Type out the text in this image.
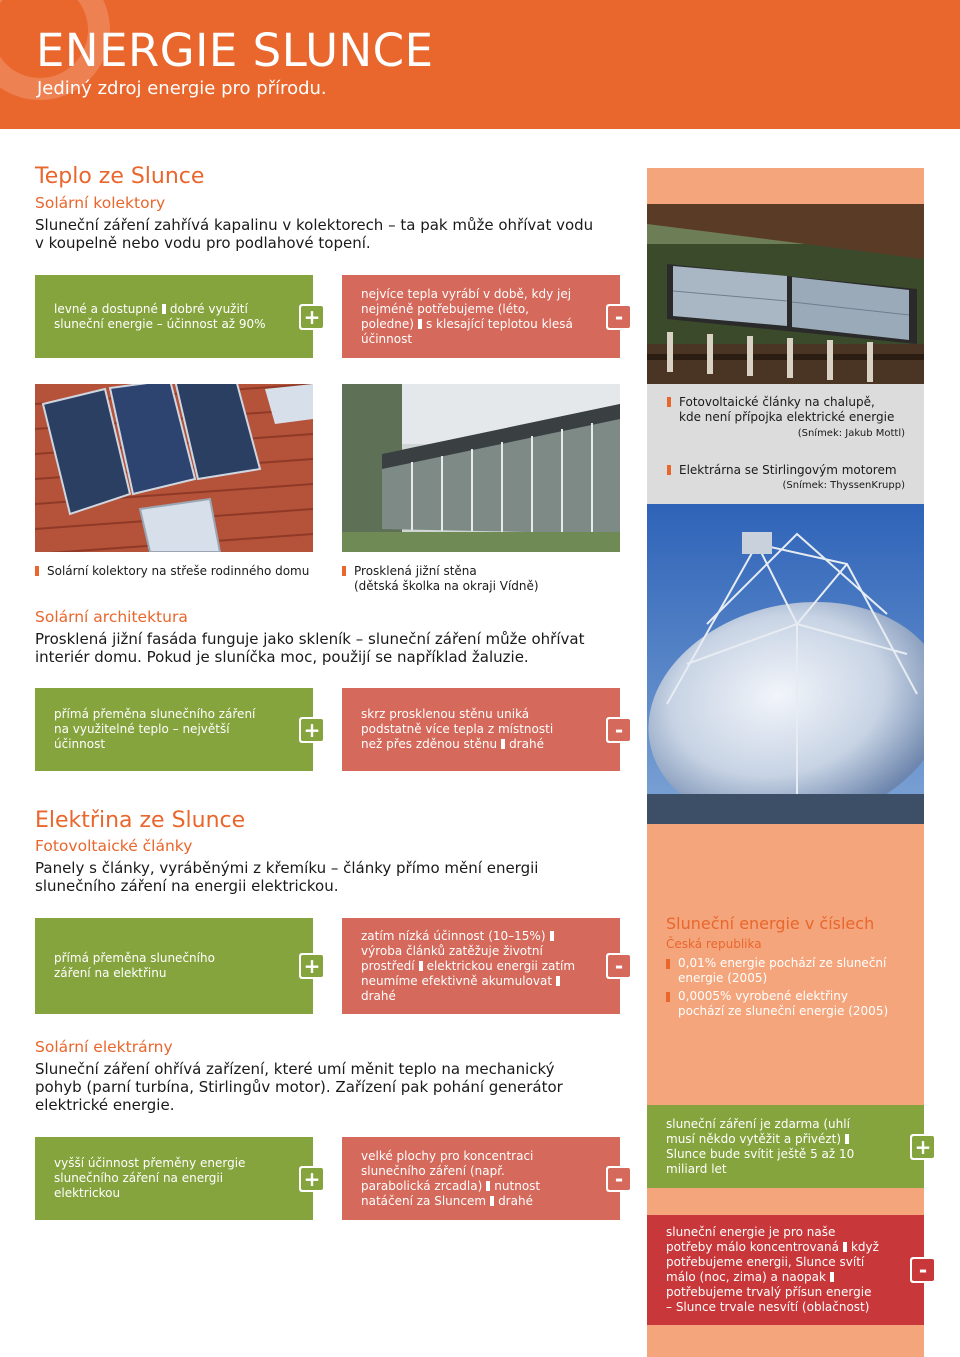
ENERGIE SLUNCE
Jediný zdroj energie pro přírodu.
Fotovoltaické články na chalupě,
kde není přípojka elektrické energie
(Snímek: Jakub Mottl)
Elektrárna se Stirlingovým motorem
(Snímek: ThyssenKrupp)
Sluneční energie v číslech
Česká republika
0,01% energie pochází ze sluneční energie (2005)
0,0005% vyrobené elektřiny pochází ze sluneční energie (2005)
sluneční záření je zdarma (uhlí musí někdo vytěžit a přivézt)Slunce bude svítit ještě 5 až 10 miliard let
+
sluneční energie je pro naše potřeby málo koncentrovaná když potřebujeme energii, Slunce svítí málo (noc, zima) a naopakpotřebujeme trvalý přísun energie – Slunce trvale nesvítí (oblačnost)
-
Teplo ze Slunce
Solární kolektory
Sluneční záření zahřívá kapalinu v kolektorech – ta pak může ohřívat vodu v koupelně nebo vodu pro podlahové topení.
levné a dostupné dobré využití sluneční energie – účinnost až 90% +
nejvíce tepla vyrábí v době, kdy jej nejméně potřebujeme (léto, poledne) s klesající teplotou klesá účinnost
-
Solární kolektory na střeše rodinného domu	Prosklená jižní stěna
(dětská školka na okraji Vídně)
Solární architektura
Prosklená jižní fasáda funguje jako skleník – sluneční záření může ohřívat interiér domu. Pokud je sluníčka moc, použijí se například žaluzie.
přímá přeměna slunečního záření na využitelné teplo – největší účinnost
+
skrz prosklenou stěnu uniká podstatně více tepla z místnosti než přes zděnou stěnu drahé
-
Elektřina ze Slunce
Fotovoltaické články
Panely s články, vyráběnými z křemíku – články přímo mění energii slunečního záření na energii elektrickou.
přímá přeměna slunečního záření na elektřinu	+
zatím nízká účinnost (10–15%)výroba článků zatěžuje životní prostředí elektrickou energii zatím neumíme efektivně akumulovatdrahé
-
Solární elektrárny
Sluneční záření ohřívá zařízení, které umí měnit teplo na mechanický pohyb (parní turbína, Stirlingův motor). Zařízení pak pohání generátor elektrické energie.
vyšší účinnost přeměny energie slunečního záření na energii elektrickou
+
velké plochy pro koncentraci slunečního záření (např. parabolická zrcadla) nutnost natáčení za Sluncem drahé
-
